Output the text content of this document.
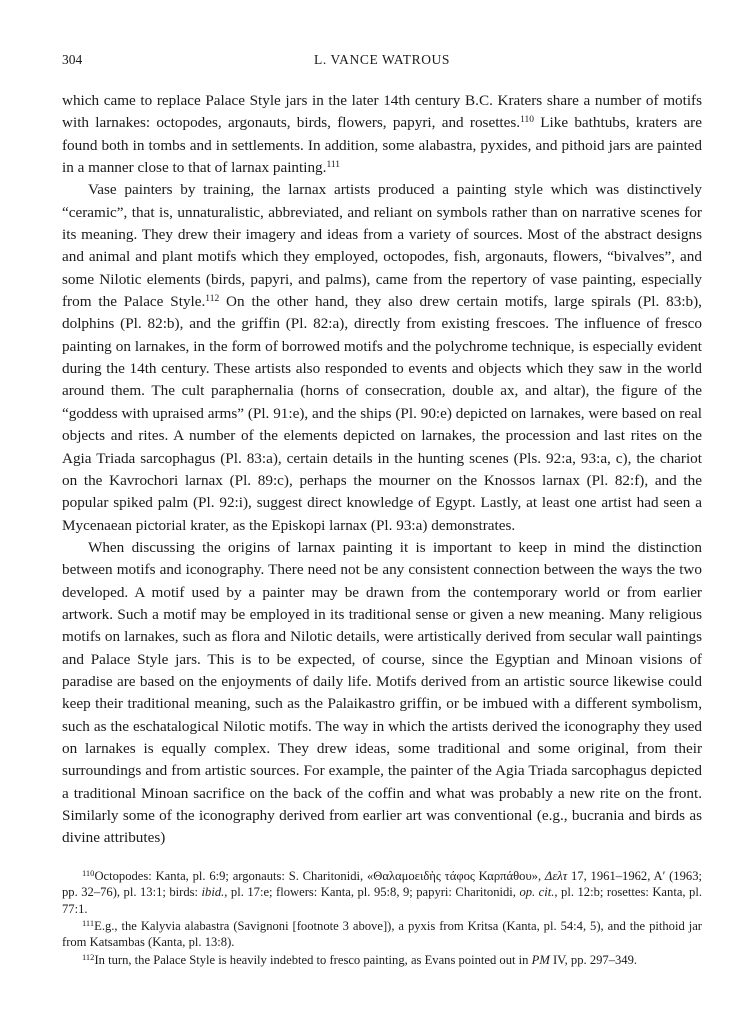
304	L. VANCE WATROUS

which came to replace Palace Style jars in the later 14th century B.C. Kraters share a number of motifs with larnakes: octopodes, argonauts, birds, flowers, papyri, and rosettes.$^{110}$ Like bathtubs, kraters are found both in tombs and in settlements. In addition, some alabastra, pyxides, and pithoid jars are painted in a manner close to that of larnax painting.$^{111}$

Vase painters by training, the larnax artists produced a painting style which was distinctively “ceramic”, that is, unnaturalistic, abbreviated, and reliant on symbols rather than on narrative scenes for its meaning. They drew their imagery and ideas from a variety of sources. Most of the abstract designs and animal and plant motifs which they employed, octopodes, fish, argonauts, flowers, “bivalves”, and some Nilotic elements (birds, papyri, and palms), came from the repertory of vase painting, especially from the Palace Style.$^{112}$ On the other hand, they also drew certain motifs, large spirals (Pl. 83:b), dolphins (Pl. 82:b), and the griffin (Pl. 82:a), directly from existing frescoes. The influence of fresco painting on larnakes, in the form of borrowed motifs and the polychrome technique, is especially evident during the 14th century. These artists also responded to events and objects which they saw in the world around them. The cult paraphernalia (horns of consecration, double ax, and altar), the figure of the “goddess with upraised arms” (Pl. 91:e), and the ships (Pl. 90:e) depicted on larnakes, were based on real objects and rites. A number of the elements depicted on larnakes, the procession and last rites on the Agia Triada sarcophagus (Pl. 83:a), certain details in the hunting scenes (Pls. 92:a, 93:a, c), the chariot on the Kavrochori larnax (Pl. 89:c), perhaps the mourner on the Knossos larnax (Pl. 82:f), and the popular spiked palm (Pl. 92:i), suggest direct knowledge of Egypt. Lastly, at least one artist had seen a Mycenaean pictorial krater, as the Episkopi larnax (Pl. 93:a) demonstrates.

When discussing the origins of larnax painting it is important to keep in mind the distinction between motifs and iconography. There need not be any consistent connection between the ways the two developed. A motif used by a painter may be drawn from the contemporary world or from earlier artwork. Such a motif may be employed in its traditional sense or given a new meaning. Many religious motifs on larnakes, such as flora and Nilotic details, were artistically derived from secular wall paintings and Palace Style jars. This is to be expected, of course, since the Egyptian and Minoan visions of paradise are based on the enjoyments of daily life. Motifs derived from an artistic source likewise could keep their traditional meaning, such as the Palaikastro griffin, or be imbued with a different symbolism, such as the eschatalogical Nilotic motifs. The way in which the artists derived the iconography they used on larnakes is equally complex. They drew ideas, some traditional and some original, from their surroundings and from artistic sources. For example, the painter of the Agia Triada sarcophagus depicted a traditional Minoan sacrifice on the back of the coffin and what was probably a new rite on the front. Similarly some of the iconography derived from earlier art was conventional (e.g., bucrania and birds as divine attributes)

$^{110}$Octopodes: Kanta, pl. 6:9; argonauts: S. Charitonidi, «Θαλαμοειδὴς τάφος Καρπάθου», Δελτ 17, 1961–1962, Α′ (1963; pp. 32–76), pl. 13:1; birds: ibid., pl. 17:e; flowers: Kanta, pl. 95:8, 9; papyri: Charitonidi, op. cit., pl. 12:b; rosettes: Kanta, pl. 77:1.

$^{111}$E.g., the Kalyvia alabastra (Savignoni [footnote 3 above]), a pyxis from Kritsa (Kanta, pl. 54:4, 5), and the pithoid jar from Katsambas (Kanta, pl. 13:8).

$^{112}$In turn, the Palace Style is heavily indebted to fresco painting, as Evans pointed out in PM IV, pp. 297–349.
